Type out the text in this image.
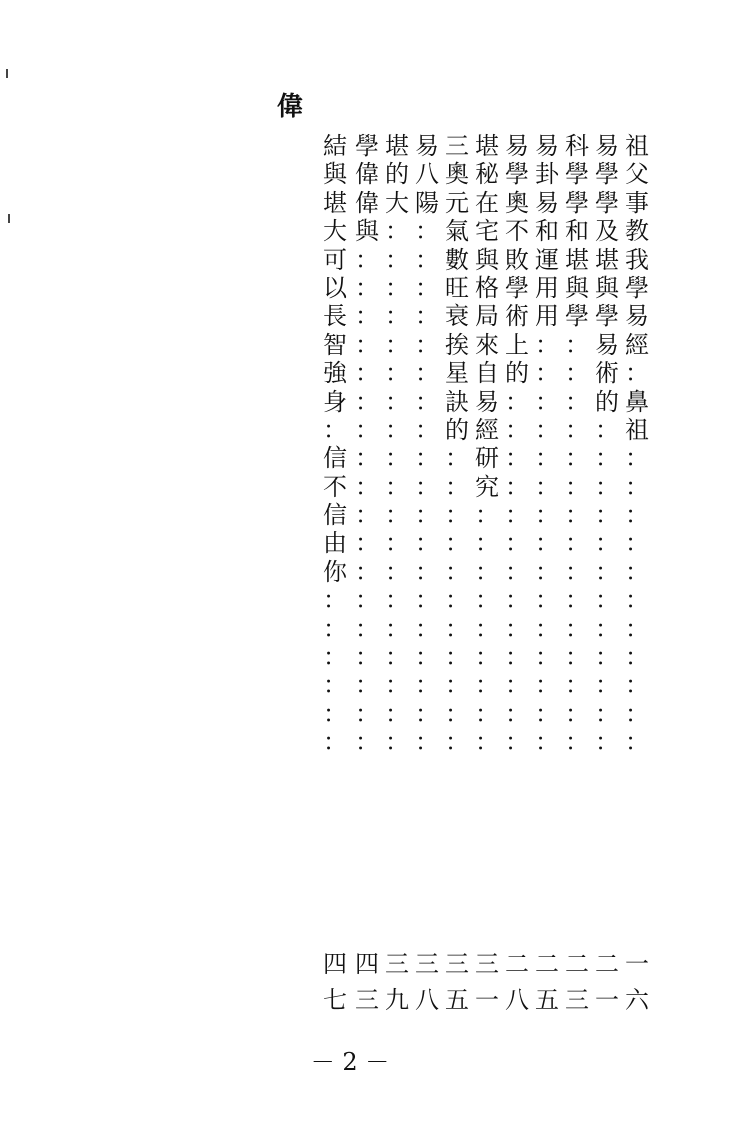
偉
祖
父
事
教
我
學
易
經
：
鼻
祖
：
：
：
：
：
：
：
：
：
：
：
一
六
易
學
學
及
堪
與
學
易
術
的
：
：
：
：
：
：
：
：
：
：
：
：
二
一
科
學
學
和
堪
與
學
：
：
：
：
：
：
：
：
：
：
：
：
：
：
：
二
三
易
卦
易
和
運
用
用
：
：
：
：
：
：
：
：
：
：
：
：
：
：
：
二
五
易
學
奧
不
敗
學
術
上
的
：
：
：
：
：
：
：
：
：
：
：
：
：
二
八
堪
秘
在
宅
與
格
局
來
自
易
經
研
究
：
：
：
：
：
：
：
：
：
三
一
三
奧
元
氣
數
旺
衰
挨
星
訣
的
：
：
：
：
：
：
：
：
：
：
：
三
五
易
八
陽
：
：
：
：
：
：
：
：
：
：
：
：
：
：
：
：
：
：
：
三
八
堪
的
大
：
：
：
：
：
：
：
：
：
：
：
：
：
：
：
：
：
：
：
三
九
學
偉
偉
與
：
：
：
：
：
：
：
：
：
：
：
：
：
：
：
：
：
：
四
三
結
與
堪
大
可
以
長
智
強
身
：
信
不
信
由
你
：
：
：
：
：
：
四
七
－ 2 －
